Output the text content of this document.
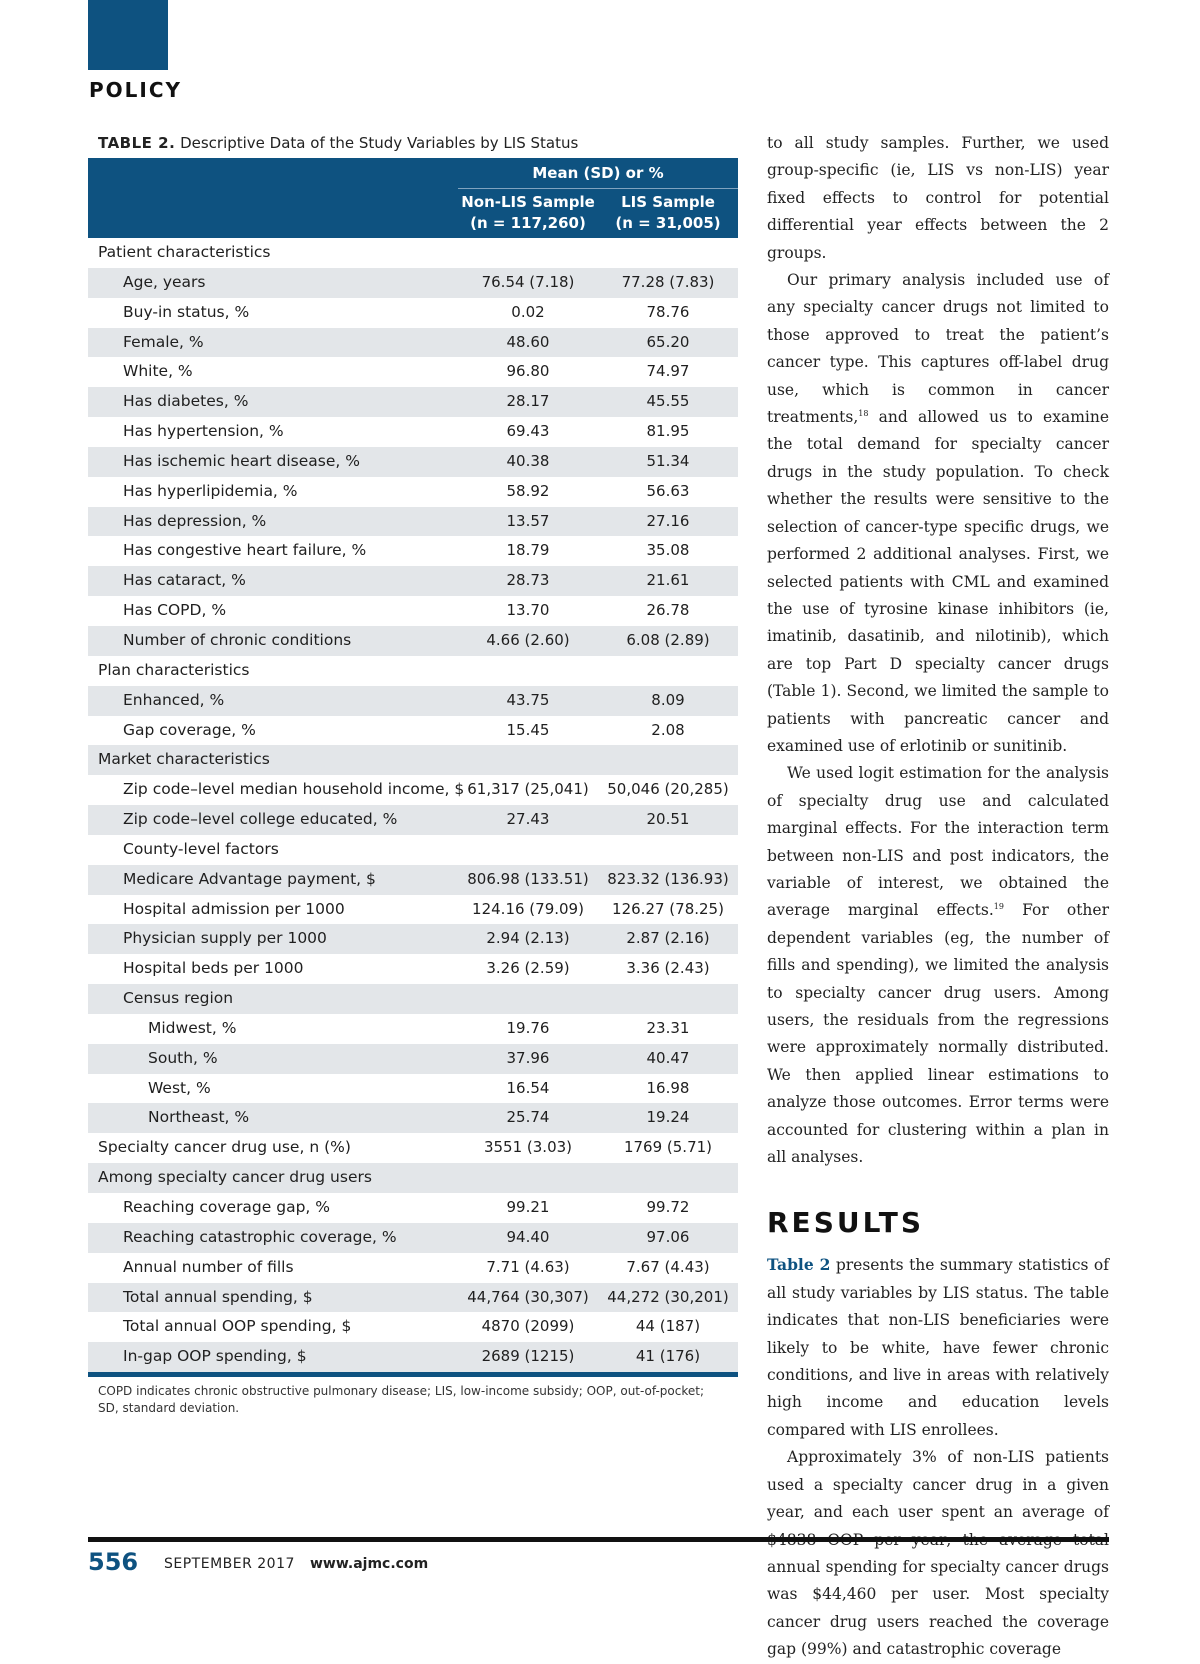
POLICY
TABLE 2. Descriptive Data of the Study Variables by LIS Status
Mean (SD) or %
Non-LIS Sample
(n = 117,260)
LIS Sample
(n = 31,005)
Patient characteristics
Age, years	76.54 (7.18)	77.28 (7.83)
Buy-in status, %	0.02	78.76
Female, %	48.60	65.20
White, %	96.80	74.97
Has diabetes, %	28.17	45.55
Has hypertension, %	69.43	81.95
Has ischemic heart disease, %	40.38	51.34
Has hyperlipidemia, %	58.92	56.63
Has depression, %	13.57	27.16
Has congestive heart failure, %	18.79	35.08
Has cataract, %	28.73	21.61
Has COPD, %	13.70	26.78
Number of chronic conditions	4.66 (2.60)	6.08 (2.89)
Plan characteristics
Enhanced, %	43.75	8.09
Gap coverage, %	15.45	2.08
Market characteristics
Zip code–level median household income, $ 61,317 (25,041)	50,046 (20,285)
Zip code–level college educated, %	27.43	20.51
County-level factors
Medicare Advantage payment, $	806.98 (133.51)	823.32 (136.93)
Hospital admission per 1000	124.16 (79.09)	126.27 (78.25)
Physician supply per 1000	2.94 (2.13)	2.87 (2.16)
Hospital beds per 1000	3.26 (2.59)	3.36 (2.43)
Census region
Midwest, %	19.76	23.31
South, %	37.96	40.47
West, %	16.54	16.98
Northeast, %	25.74	19.24
Specialty cancer drug use, n (%)	3551 (3.03)	1769 (5.71)
Among specialty cancer drug users
Reaching coverage gap, %	99.21	99.72
Reaching catastrophic coverage, %	94.40	97.06
Annual number of fills	7.71 (4.63)	7.67 (4.43)
Total annual spending, $	44,764 (30,307)	44,272 (30,201)
Total annual OOP spending, $	4870 (2099)	44 (187)
In-gap OOP spending, $	2689 (1215)	41 (176)
COPD indicates chronic obstructive pulmonary disease; LIS, low-income subsidy; OOP, out-of-pocket; SD, standard deviation.

to all study samples. Further, we used group-specific (ie, LIS vs non-LIS) year fixed effects to control for potential differential year effects between the 2 groups.

Our primary analysis included use of any specialty cancer drugs not limited to those approved to treat the patient’s cancer type. This captures off-label drug use, which is common in cancer treatments,$^{18}$ and allowed us to examine the total demand for specialty cancer drugs in the study population. To check whether the results were sensitive to the selection of cancer-type specific drugs, we performed 2 additional analyses. First, we selected patients with CML and examined the use of tyrosine kinase inhibitors (ie, imatinib, dasatinib, and nilotinib), which are top Part D specialty cancer drugs (Table 1). Second, we limited the sample to patients with pancreatic cancer and examined use of erlotinib or sunitinib.

We used logit estimation for the analysis of specialty drug use and calculated marginal effects. For the interaction term between non-LIS and post indicators, the variable of interest, we obtained the average marginal effects.$^{19}$ For other dependent variables (eg, the number of fills and spending), we limited the analysis to specialty cancer drug users. Among users, the residuals from the regressions were approximately normally distributed. We then applied linear estimations to analyze those outcomes. Error terms were accounted for clustering within a plan in all analyses.

RESULTS

Table 2 presents the summary statistics of all study variables by LIS status. The table indicates that non-LIS beneficiaries were likely to be white, have fewer chronic conditions, and live in areas with relatively high income and education levels compared with LIS enrollees.

Approximately 3% of non-LIS patients used a specialty cancer drug in a given year, and each user spent an average of annual spending for specialty cancer drugs was $44,460 per user. Most specialty cancer drug users reached the coverage gap (99%) and catastrophic coverage

556 SEPTEMBER 2017 www.ajmc.com
